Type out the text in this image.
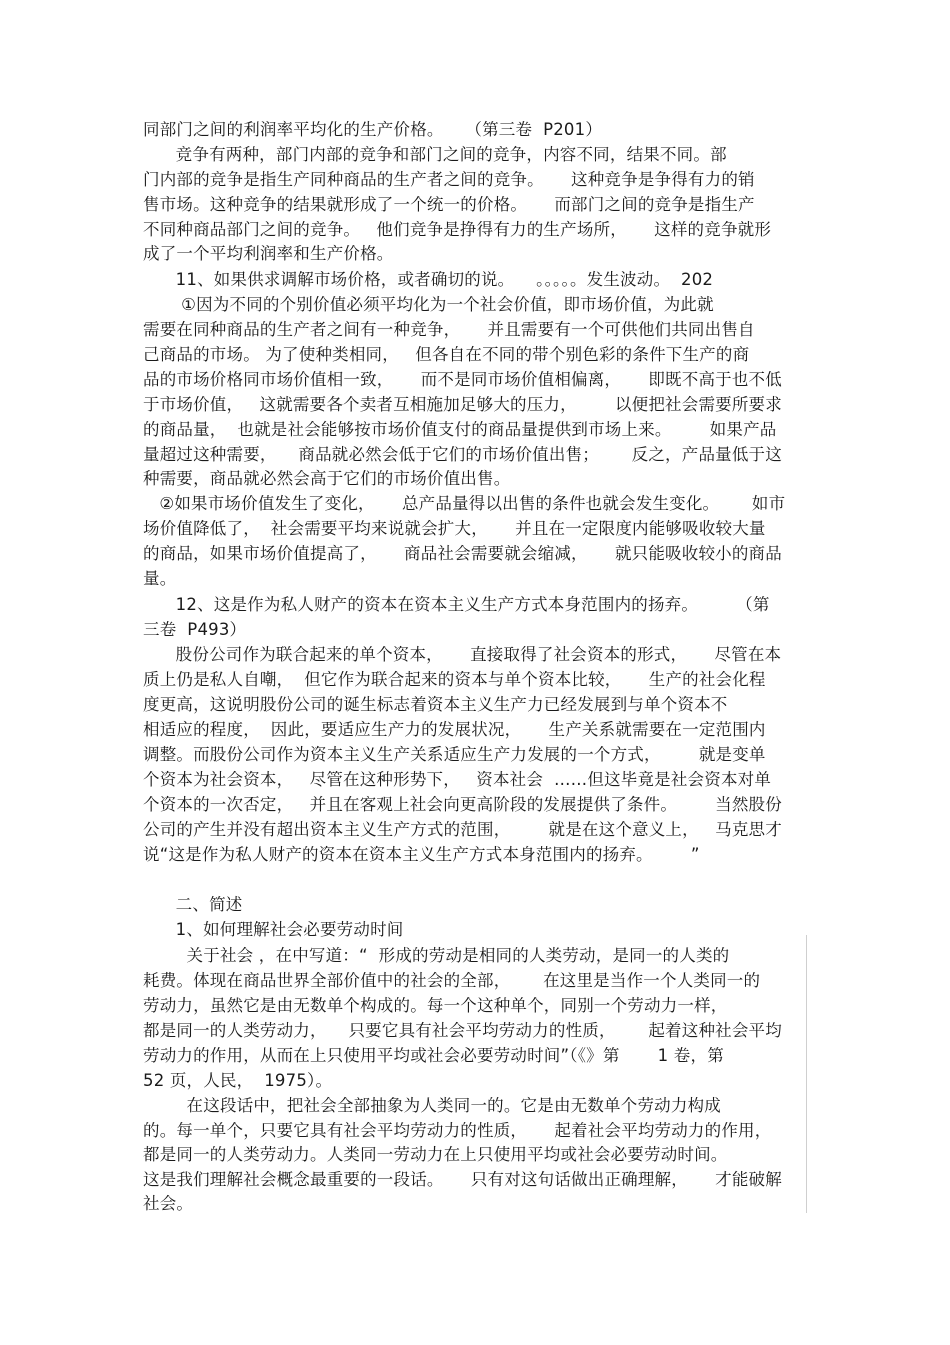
同部门之间的利润率平均化的生产价格。    （第三卷  P201）
竞争有两种，部门内部的竞争和部门之间的竞争，内容不同，结果不同。部
门内部的竞争是指生产同种商品的生产者之间的竞争。     这种竞争是争得有力的销
售市场。这种竞争的结果就形成了一个统一的价格。     而部门之间的竞争是指生产
不同种商品部门之间的竞争。   他们竞争是挣得有力的生产场所，     这样的竞争就形
成了一个平均利润率和生产价格。
11、如果供求调解市场价格，或者确切的说。    。。。。。发生波动。  202
①因为不同的个别价值必须平均化为一个社会价值，即市场价值，为此就
需要在同种商品的生产者之间有一种竞争，     并且需要有一个可供他们共同出售自
己商品的市场。 为了使种类相同，   但各自在不同的带个别色彩的条件下生产的商
品的市场价格同市场价值相一致，     而不是同市场价值相偏离，     即既不高于也不低
于市场价值，   这就需要各个卖者互相施加足够大的压力，       以便把社会需要所要求
的商品量，  也就是社会能够按市场价值支付的商品量提供到市场上来。       如果产品
量超过这种需要，    商品就必然会低于它们的市场价值出售；      反之，产品量低于这
种需要，商品就必然会高于它们的市场价值出售。
②如果市场价值发生了变化，     总产品量得以出售的条件也就会发生变化。      如市
场价值降低了，  社会需要平均来说就会扩大，     并且在一定限度内能够吸收较大量
的商品，如果市场价值提高了，     商品社会需要就会缩减，     就只能吸收较小的商品
量。
12、这是作为私人财产的资本在资本主义生产方式本身范围内的扬弃。       （第
三卷  P493）
股份公司作为联合起来的单个资本，     直接取得了社会资本的形式，     尽管在本
质上仍是私人自嘲，  但它作为联合起来的资本与单个资本比较，     生产的社会化程
度更高，这说明股份公司的诞生标志着资本主义生产力已经发展到与单个资本不
相适应的程度，  因此，要适应生产力的发展状况，     生产关系就需要在一定范围内
调整。而股份公司作为资本主义生产关系适应生产力发展的一个方式，       就是变单
个资本为社会资本，   尽管在这种形势下，   资本社会  ……但这毕竟是社会资本对单
个资本的一次否定，   并且在客观上社会向更高阶段的发展提供了条件。       当然股份
公司的产生并没有超出资本主义生产方式的范围，       就是在这个意义上，   马克思才
说“这是作为私人财产的资本在资本主义生产方式本身范围内的扬弃。       ”
二、简述
1、如何理解社会必要劳动时间
关于社会 ，在中写道：“  形成的劳动是相同的人类劳动，是同一的人类的
耗费。体现在商品世界全部价值中的社会的全部，      在这里是当作一个人类同一的
劳动力，虽然它是由无数单个构成的。每一个这种单个，同别一个劳动力一样，
都是同一的人类劳动力，    只要它具有社会平均劳动力的性质，      起着这种社会平均
劳动力的作用，从而在上只使用平均或社会必要劳动时间”（《》第       1 卷，第
52 页，人民，  1975）。
在这段话中，把社会全部抽象为人类同一的。它是由无数单个劳动力构成
的。每一单个，只要它具有社会平均劳动力的性质，     起着社会平均劳动力的作用，
都是同一的人类劳动力。人类同一劳动力在上只使用平均或社会必要劳动时间。
这是我们理解社会概念最重要的一段话。     只有对这句话做出正确理解，     才能破解
社会。
